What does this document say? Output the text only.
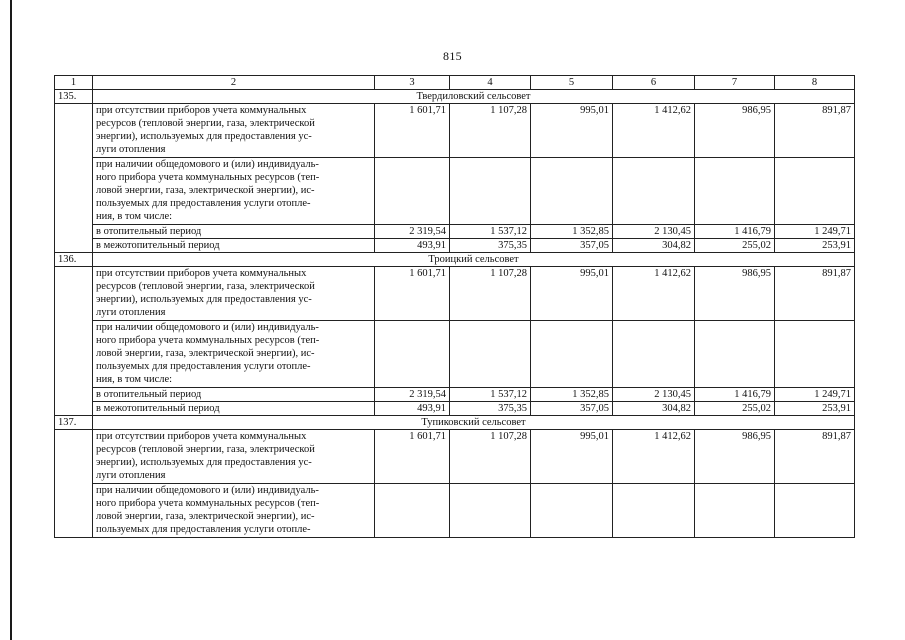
815
1	2	3	4	5	6	7	8
135.	Твердиловский сельсовет						

	при отсутствии приборов учета коммунальных
ресурсов (тепловой энергии, газа, электрической
энергии), используемых для предоставления ус-
луги отопления	1 601,71	1 107,28	995,01	1 412,62	986,95	891,87

	при наличии общедомового и (или) индивидуаль-
ного прибора учета коммунальных ресурсов (теп-
ловой энергии, газа, электрической энергии), ис-
пользуемых для предоставления услуги отопле-
ния, в том числе:						

	в отопительный период	2 319,54	1 537,12	1 352,85	2 130,45	1 416,79	1 249,71
	в межотопительный период	493,91	375,35	357,05	304,82	255,02	253,91
136.	Троицкий сельсовет						

	при отсутствии приборов учета коммунальных
ресурсов (тепловой энергии, газа, электрической
энергии), используемых для предоставления ус-
луги отопления	1 601,71	1 107,28	995,01	1 412,62	986,95	891,87

	при наличии общедомового и (или) индивидуаль-
ного прибора учета коммунальных ресурсов (теп-
ловой энергии, газа, электрической энергии), ис-
пользуемых для предоставления услуги отопле-
ния, в том числе:						

	в отопительный период	2 319,54	1 537,12	1 352,85	2 130,45	1 416,79	1 249,71
	в межотопительный период	493,91	375,35	357,05	304,82	255,02	253,91
137.	Тупиковский сельсовет						

	при отсутствии приборов учета коммунальных
ресурсов (тепловой энергии, газа, электрической
энергии), используемых для предоставления ус-
луги отопления	1 601,71	1 107,28	995,01	1 412,62	986,95	891,87

	при наличии общедомового и (или) индивидуаль-
ного прибора учета коммунальных ресурсов (теп-
ловой энергии, газа, электрической энергии), ис-
пользуемых для предоставления услуги отопле-						
